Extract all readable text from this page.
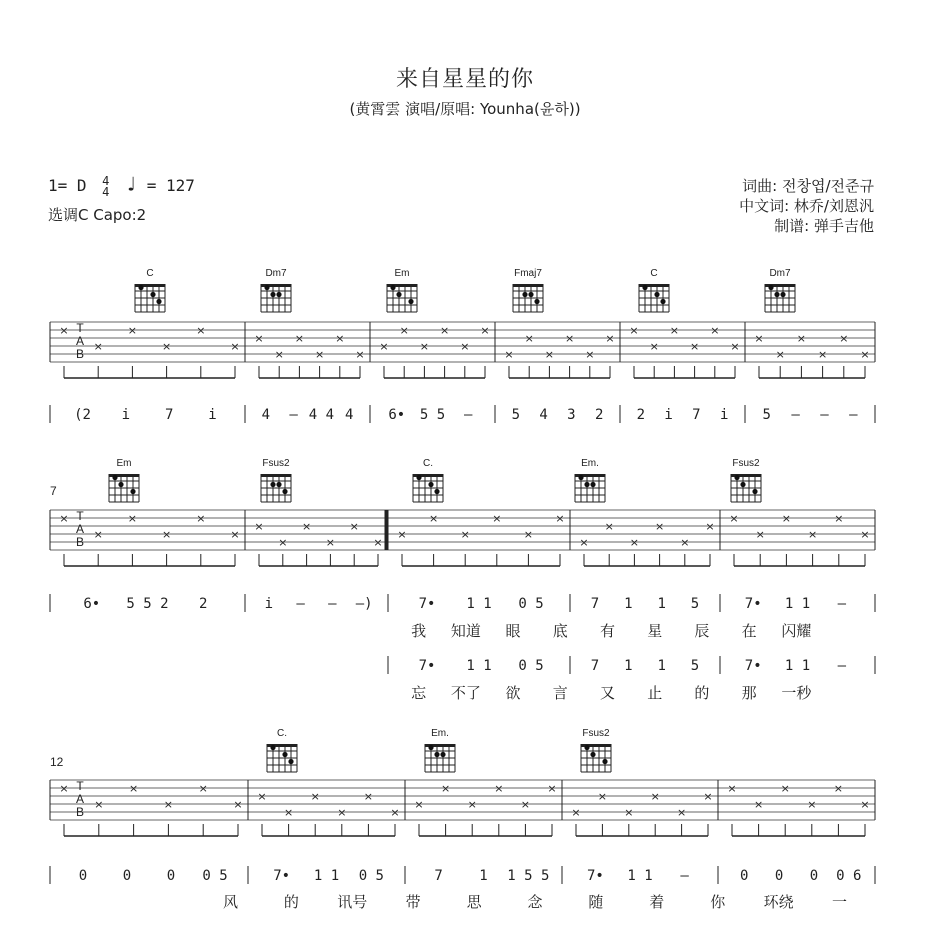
来自星星的你
(黄霄雲 演唱/原唱: Younha(윤하))
1= D 4
4 ♩ = 127
选调C Capo:2
词曲: 전창엽/전준규
中文词: 林乔/刘恩汎
制谱: 弹手吉他
C	Dm7	Em	Fmaj7	C	Dm7
T
A
B
×
×
×
×
×
×
×
×
×
×
×
×
×
×
×
×
×
×
×
×
×
×
×
×
×
×
×
×
×
×
×
×
×
×
×
×
(2 i 7 i	4 – 4 4 4 6• 5 5 –	5 4 3 2 2 i 7 i 5 – – –
7
Em	Fsus2	C.	Em.	Fsus2
T
A
B
×
×
×
×
×
×
×
×
×
×
×
×
×
×
×
×
×
×
×
×
×
×
×
×
×
×
×
×
×
×
6• 5 5 2 2	i – – –)	7• 1 1 0 5	7 1 1 5	7• 1 1 –
我 知道 眼 底 有 星 辰 在 闪耀
7• 1 1 0 5	7 1 1 5	7• 1 1 –
忘 不了 欲 言 又 止 的 那 一秒
12
C.	Em.	Fsus2
T
A
B
×
×
×
×
×
×
×
×
×
×
×
×
×
×
×
×
×
×
×
×
×
×
×
×
×
×
×
×
×
×
0	0	0 0 5	7• 1 1 0 5	7	1 1 5 5	7• 1 1 –	0 0 0 0 6
风	的	讯号	带	思	念	随	着	你	环绕	一
